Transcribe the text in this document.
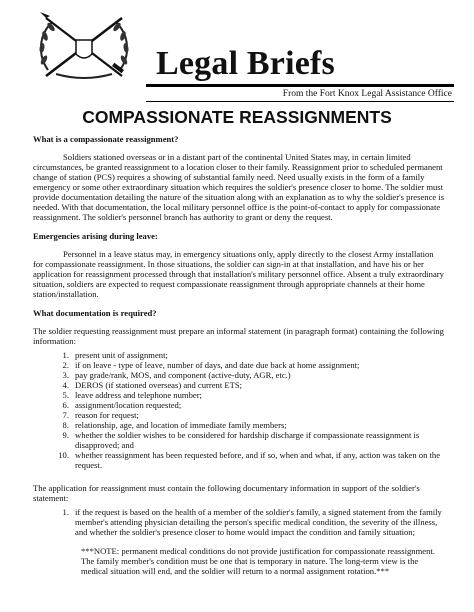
Legal Briefs
From the Fort Knox Legal Assistance Office
COMPASSIONATE REASSIGNMENTS

What is a compassionate reassignment?

Soldiers stationed overseas or in a distant part of the continental United States may, in certain limited circumstances, be granted reassignment to a location closer to their family. Reassignment prior to scheduled permanent change of station (PCS) requires a showing of substantial family need. Need usually exists in the form of a family emergency or some other extraordinary situation which requires the soldier's presence closer to home. The soldier must provide documentation detailing the nature of the situation along with an explanation as to why the soldier's presence is needed. With that documentation, the local military personnel office is the point-of-contact to apply for compassionate reassignment. The soldier's personnel branch has authority to grant or deny the request.

Emergencies arising during leave:

Personnel in a leave status may, in emergency situations only, apply directly to the closest Army installation for compassionate reassignment. In those situations, the soldier can sign-in at that installation, and have his or her application for reassignment processed through that installation's military personnel office. Absent a truly extraordinary situation, soldiers are expected to request compassionate reassignment through appropriate channels at their home station/installation.

What documentation is required?

The soldier requesting reassignment must prepare an informal statement (in paragraph format) containing the following information:

1. present unit of assignment;
2. if on leave - type of leave, number of days, and date due back at home assignment;
3. pay grade/rank, MOS, and component (active-duty, AGR, etc.)
4. DEROS (if stationed overseas) and current ETS;
5. leave address and telephone number;
6. assignment/location requested;
7. reason for request;
8. relationship, age, and location of immediate family members;
9. whether the soldier wishes to be considered for hardship discharge if compassionate reassignment is disapproved; and
10. whether reassignment has been requested before, and if so, when and what, if any, action was taken on the request.

The application for reassignment must contain the following documentary information in support of the soldier's statement:

1. if the request is based on the health of a member of the soldier's family, a signed statement from the family member's attending physician detailing the person's specific medical condition, the severity of the illness, and whether the soldier's presence closer to home would impact the condition and family situation;

***NOTE: permanent medical conditions do not provide justification for compassionate reassignment. The family member's condition must be one that is temporary in nature. The long-term view is the medical situation will end, and the soldier will return to a normal assignment rotation.***
